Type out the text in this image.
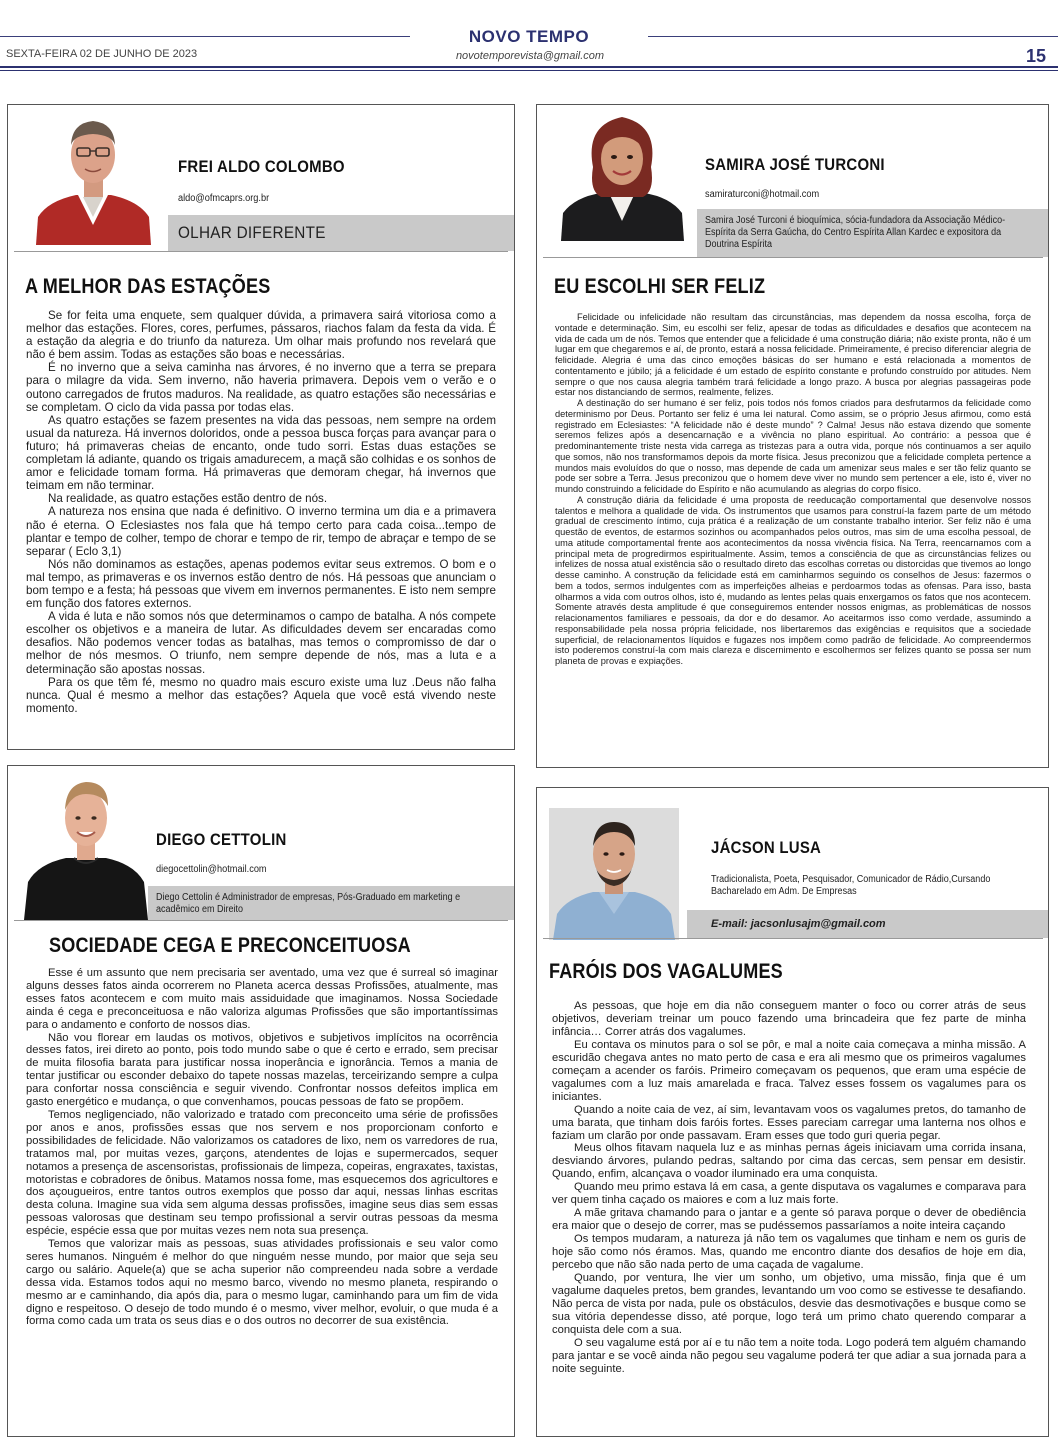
NOVO TEMPO
SEXTA-FEIRA 02 DE JUNHO DE 2023	novotemporevista@gmail.com	15
FREI ALDO COLOMBO
aldo@ofmcaprs.org.br
OLHAR DIFERENTE
A MELHOR DAS ESTAÇÕES

Se for feita uma enquete, sem qualquer dúvida, a primavera sairá vitoriosa como a melhor das estações. Flores, cores, perfumes, pássaros, riachos falam da festa da vida. É a estação da alegria e do triunfo da natureza. Um olhar mais profundo nos revelará que não é bem assim. Todas as estações são boas e necessárias.

É no inverno que a seiva caminha nas árvores, é no inverno que a terra se prepara para o milagre da vida. Sem inverno, não haveria primavera. Depois vem o verão e o outono carregados de frutos maduros. Na realidade, as quatro estações são necessárias e se completam. O ciclo da vida passa por todas elas.

As quatro estações se fazem presentes na vida das pessoas, nem sempre na ordem usual da natureza. Há invernos doloridos, onde a pessoa busca forças para avançar para o futuro; há primaveras cheias de encanto, onde tudo sorri. Estas duas estações se completam lá adiante, quando os trigais amadurecem, a maçã são colhidas e os sonhos de amor e felicidade tomam forma. Há primaveras que demoram chegar, há invernos que teimam em não terminar.

Na realidade, as quatro estações estão dentro de nós.

A natureza nos ensina que nada é definitivo. O inverno termina um dia e a primavera não é eterna. O Eclesiastes nos fala que há tempo certo para cada coisa...tempo de plantar e tempo de colher, tempo de chorar e tempo de rir, tempo de abraçar e tempo de se separar ( Eclo 3,1)

Nós não dominamos as estações, apenas podemos evitar seus extremos. O bom e o mal tempo, as primaveras e os invernos estão dentro de nós. Há pessoas que anunciam o bom tempo e a festa; há pessoas que vivem em invernos permanentes. E isto nem sempre em função dos fatores externos.

A vida é luta e não somos nós que determinamos o campo de batalha. A nós compete escolher os objetivos e a maneira de lutar. As dificuldades devem ser encaradas como desafios. Não podemos vencer todas as batalhas, mas temos o compromisso de dar o melhor de nós mesmos. O triunfo, nem sempre depende de nós, mas a luta e a determinação são apostas nossas.

Para os que têm fé, mesmo no quadro mais escuro existe uma luz .Deus não falha nunca. Qual é mesmo a melhor das estações? Aquela que você está vivendo neste momento.

SAMIRA JOSÉ TURCONI
samiraturconi@hotmail.com
Samira José Turconi é bioquímica, sócia-fundadora da Associação Médico-Espírita da Serra Gaúcha, do Centro Espírita Allan Kardec e expositora da Doutrina Espírita
EU ESCOLHI SER FELIZ

Felicidade ou infelicidade não resultam das circunstâncias, mas dependem da nossa escolha, força de vontade e determinação. Sim, eu escolhi ser feliz, apesar de todas as dificuldades e desafios que acontecem na vida de cada um de nós. Temos que entender que a felicidade é uma construção diária; não existe pronta, não é um lugar em que chegaremos e aí, de pronto, estará a nossa felicidade. Primeiramente, é preciso diferenciar alegria de felicidade. Alegria é uma das cinco emoções básicas do ser humano e está relacionada a momentos de contentamento e júbilo; já a felicidade é um estado de espírito constante e profundo construído por atitudes. Nem sempre o que nos causa alegria também trará felicidade a longo prazo. A busca por alegrias passageiras pode estar nos distanciando de sermos, realmente, felizes.

A destinação do ser humano é ser feliz, pois todos nós fomos criados para desfrutarmos da felicidade como determinismo por Deus. Portanto ser feliz é uma lei natural. Como assim, se o próprio Jesus afirmou, como está registrado em Eclesiastes: “A felicidade não é deste mundo” ? Calma! Jesus não estava dizendo que somente seremos felizes após a desencarnação e a vivência no plano espiritual. Ao contrário: a pessoa que é predominantemente triste nesta vida carrega as tristezas para a outra vida, porque nós continuamos a ser aquilo que somos, não nos transformamos depois da morte física. Jesus preconizou que a felicidade completa pertence a mundos mais evoluídos do que o nosso, mas depende de cada um amenizar seus males e ser tão feliz quanto se pode ser sobre a Terra. Jesus preconizou que o homem deve viver no mundo sem pertencer a ele, isto é, viver no mundo construindo a felicidade do Espírito e não acumulando as alegrias do corpo físico.

A construção diária da felicidade é uma proposta de reeducação comportamental que desenvolve nossos talentos e melhora a qualidade de vida. Os instrumentos que usamos para construí-la fazem parte de um método gradual de crescimento íntimo, cuja prática é a realização de um constante trabalho interior. Ser feliz não é uma questão de eventos, de estarmos sozinhos ou acompanhados pelos outros, mas sim de uma escolha pessoal, de uma atitude comportamental frente aos acontecimentos da nossa vivência física. Na Terra, reencarnamos com a principal meta de progredirmos espiritualmente. Assim, temos a consciência de que as circunstâncias felizes ou infelizes de nossa atual existência são o resultado direto das escolhas corretas ou distorcidas que tivemos ao longo desse caminho. A construção da felicidade está em caminharmos seguindo os conselhos de Jesus: fazermos o bem a todos, sermos indulgentes com as imperfeições alheias e perdoarmos todas as ofensas. Para isso, basta olharmos a vida com outros olhos, isto é, mudando as lentes pelas quais enxergamos os fatos que nos acontecem. Somente através desta amplitude é que conseguiremos entender nossos enigmas, as problemáticas de nossos relacionamentos familiares e pessoais, da dor e do desamor. Ao aceitarmos isso como verdade, assumindo a responsabilidade pela nossa própria felicidade, nos libertaremos das exigências e requisitos que a sociedade superficial, de relacionamentos líquidos e fugazes nos impõem como padrão de felicidade. Ao compreendermos isto poderemos construí-la com mais clareza e discernimento e escolhermos ser felizes quanto se possa ser num planeta de provas e expiações.

DIEGO CETTOLIN
diegocettolin@hotmail.com
Diego Cettolin é Administrador de empresas, Pós-Graduado em marketing e acadêmico em Direito
SOCIEDADE CEGA E PRECONCEITUOSA

Esse é um assunto que nem precisaria ser aventado, uma vez que é surreal só imaginar alguns desses fatos ainda ocorrerem no Planeta acerca dessas Profissões, atualmente, mas esses fatos acontecem e com muito mais assiduidade que imaginamos. Nossa Sociedade ainda é cega e preconceituosa e não valoriza algumas Profissões que são importantíssimas para o andamento e conforto de nossos dias.

Não vou florear em laudas os motivos, objetivos e subjetivos implícitos na ocorrência desses fatos, irei direto ao ponto, pois todo mundo sabe o que é certo e errado, sem precisar de muita filosofia barata para justificar nossa inoperância e ignorância. Temos a mania de tentar justificar ou esconder debaixo do tapete nossas mazelas, terceirizando sempre a culpa para confortar nossa consciência e seguir vivendo. Confrontar nossos defeitos implica em gasto energético e mudança, o que convenhamos, poucas pessoas de fato se propõem.

Temos negligenciado, não valorizado e tratado com preconceito uma série de profissões por anos e anos, profissões essas que nos servem e nos proporcionam conforto e possibilidades de felicidade. Não valorizamos os catadores de lixo, nem os varredores de rua, tratamos mal, por muitas vezes, garçons, atendentes de lojas e supermercados, sequer notamos a presença de ascensoristas, profissionais de limpeza, copeiras, engraxates, taxistas, motoristas e cobradores de ônibus. Matamos nossa fome, mas esquecemos dos agricultores e dos açougueiros, entre tantos outros exemplos que posso dar aqui, nessas linhas escritas desta coluna. Imagine sua vida sem alguma dessas profissões, imagine seus dias sem essas pessoas valorosas que destinam seu tempo profissional a servir outras pessoas da mesma espécie, espécie essa que por muitas vezes nem nota sua presença.

Temos que valorizar mais as pessoas, suas atividades profissionais e seu valor como seres humanos. Ninguém é melhor do que ninguém nesse mundo, por maior que seja seu cargo ou salário. Aquele(a) que se acha superior não compreendeu nada sobre a verdade dessa vida. Estamos todos aqui no mesmo barco, vivendo no mesmo planeta, respirando o mesmo ar e caminhando, dia após dia, para o mesmo lugar, caminhando para um fim de vida digno e respeitoso. O desejo de todo mundo é o mesmo, viver melhor, evoluir, o que muda é a forma como cada um trata os seus dias e o dos outros no decorrer de sua existência.

JÁCSON LUSA
Tradicionalista, Poeta, Pesquisador, Comunicador de Rádio,Cursando Bacharelado em Adm. De Empresas
E-mail: jacsonlusajm@gmail.com
FARÓIS DOS VAGALUMES

As pessoas, que hoje em dia não conseguem manter o foco ou correr atrás de seus objetivos, deveriam treinar um pouco fazendo uma brincadeira que fez parte de minha infância… Correr atrás dos vagalumes.

Eu contava os minutos para o sol se pôr, e mal a noite caia começava a minha missão. A escuridão chegava antes no mato perto de casa e era ali mesmo que os primeiros vagalumes começam a acender os faróis. Primeiro começavam os pequenos, que eram uma espécie de vagalumes com a luz mais amarelada e fraca. Talvez esses fossem os vagalumes para os iniciantes.

Quando a noite caia de vez, aí sim, levantavam voos os vagalumes pretos, do tamanho de uma barata, que tinham dois faróis fortes. Esses pareciam carregar uma lanterna nos olhos e faziam um clarão por onde passavam. Eram esses que todo guri queria pegar.

Meus olhos fitavam naquela luz e as minhas pernas ágeis iniciavam uma corrida insana, desviando árvores, pulando pedras, saltando por cima das cercas, sem pensar em desistir. Quando, enfim, alcançava o voador iluminado era uma conquista.

Quando meu primo estava lá em casa, a gente disputava os vagalumes e comparava para ver quem tinha caçado os maiores e com a luz mais forte.

A mãe gritava chamando para o jantar e a gente só parava porque o dever de obediência era maior que o desejo de correr, mas se pudéssemos passaríamos a noite inteira caçando

Os tempos mudaram, a natureza já não tem os vagalumes que tinham e nem os guris de hoje são como nós éramos. Mas, quando me encontro diante dos desafios de hoje em dia, percebo que não são nada perto de uma caçada de vagalume.

Quando, por ventura, lhe vier um sonho, um objetivo, uma missão, finja que é um vagalume daqueles pretos, bem grandes, levantando um voo como se estivesse te desafiando. Não perca de vista por nada, pule os obstáculos, desvie das desmotivações e busque como se sua vitória dependesse disso, até porque, logo terá um primo chato querendo comparar a conquista dele com a sua.

O seu vagalume está por aí e tu não tem a noite toda. Logo poderá tem alguém chamando para jantar e se você ainda não pegou seu vagalume poderá ter que adiar a sua jornada para a noite seguinte.
